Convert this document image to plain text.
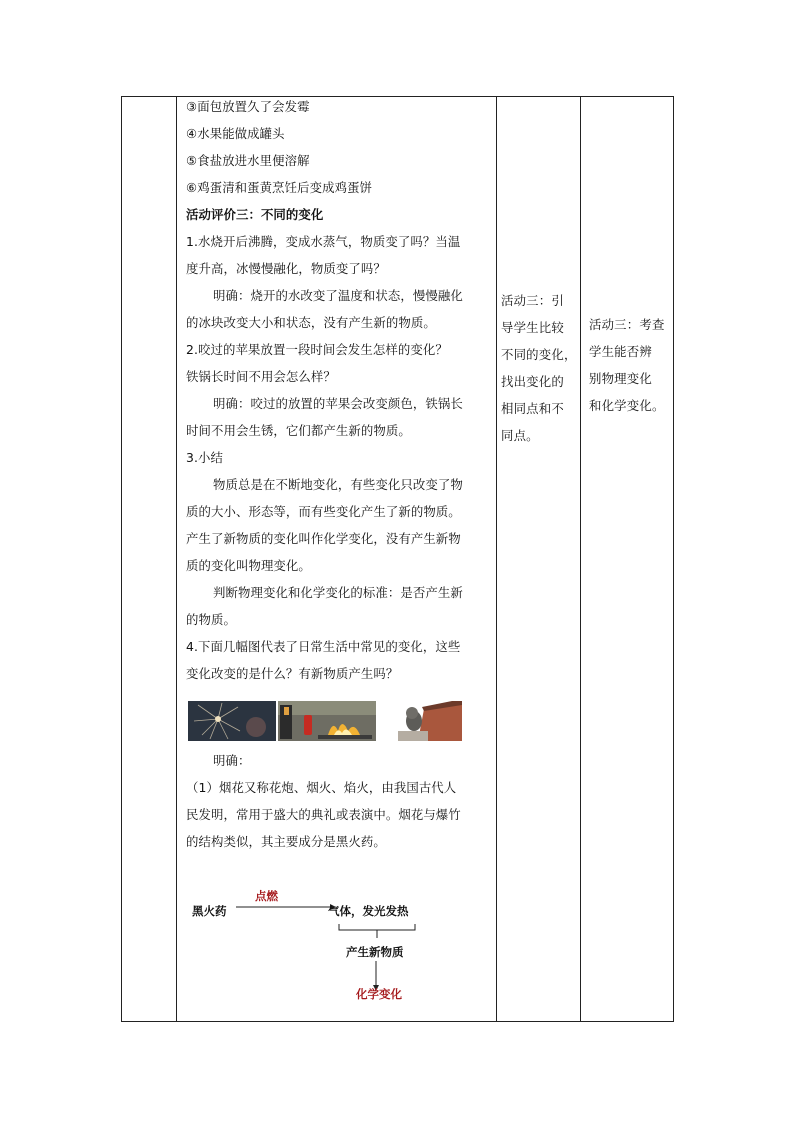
③面包放置久了会发霉
④水果能做成罐头
⑤食盐放进水里便溶解
⑥鸡蛋清和蛋黄烹饪后变成鸡蛋饼
活动评价三：不同的变化
1.水烧开后沸腾，变成水蒸气，物质变了吗？当温
度升高，冰慢慢融化，物质变了吗？
明确：烧开的水改变了温度和状态，慢慢融化
的冰块改变大小和状态，没有产生新的物质。
2.咬过的苹果放置一段时间会发生怎样的变化？
铁锅长时间不用会怎么样？
明确：咬过的放置的苹果会改变颜色，铁锅长
时间不用会生锈，它们都产生新的物质。
3.小结
物质总是在不断地变化，有些变化只改变了物
质的大小、形态等，而有些变化产生了新的物质。
产生了新物质的变化叫作化学变化，没有产生新物
质的变化叫物理变化。
判断物理变化和化学变化的标准：是否产生新
的物质。
4.下面几幅图代表了日常生活中常见的变化，这些
变化改变的是什么？有新物质产生吗？
明确：
（1）烟花又称花炮、烟火、焰火，由我国古代人
民发明，常用于盛大的典礼或表演中。烟花与爆竹
的结构类似，其主要成分是黑火药。
黑火药
点燃
气体，发光发热
产生新物质
化学变化
活动三：引
导学生比较
不同的变化，
找出变化的
相同点和不
同点。
活动三：考查
学生能否辨
别物理变化
和化学变化。
